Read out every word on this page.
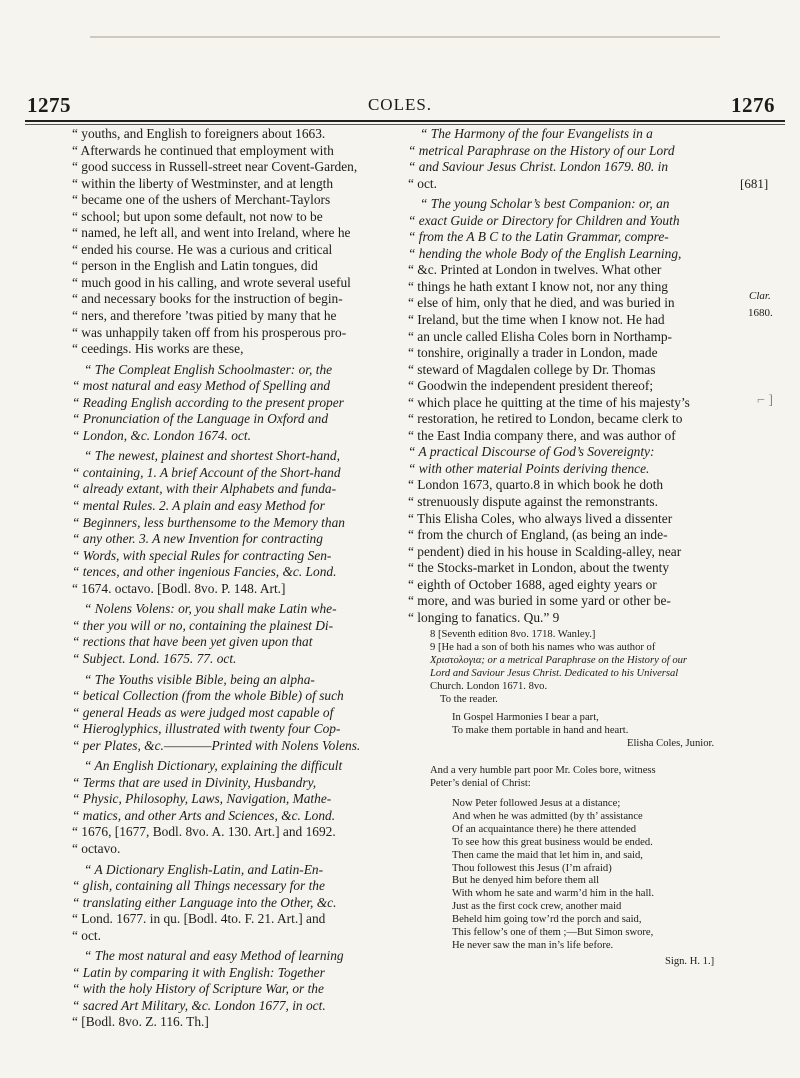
1275	COLES.	1276

“ youths, and English to foreigners about 1663.

“ Afterwards he continued that employment with

“ good success in Russell-street near Covent-Garden,

“ within the liberty of Westminster, and at length

“ became one of the ushers of Merchant-Taylors

“ school; but upon some default, not now to be

“ named, he left all, and went into Ireland, where he

“ ended his course. He was a curious and critical

“ person in the English and Latin tongues, did

“ much good in his calling, and wrote several useful

“ and necessary books for the instruction of begin-

“ ners, and therefore ’twas pitied by many that he

“ was unhappily taken off from his prosperous pro-

“ ceedings. His works are these,

“ The Compleat English Schoolmaster: or, the

“ most natural and easy Method of Spelling and

“ Reading English according to the present proper

“ Pronunciation of the Language in Oxford and

“ London, &c. London 1674. oct.

“ The newest, plainest and shortest Short-hand,

“ containing, 1. A brief Account of the Short-hand

“ already extant, with their Alphabets and funda-

“ mental Rules. 2. A plain and easy Method for

“ Beginners, less burthensome to the Memory than

“ any other. 3. A new Invention for contracting

“ Words, with special Rules for contracting Sen-

“ tences, and other ingenious Fancies, &c. Lond.

“ 1674. octavo. [Bodl. 8vo. P. 148. Art.]

“ Nolens Volens: or, you shall make Latin whe-

“ ther you will or no, containing the plainest Di-

“ rections that have been yet given upon that

“ Subject. Lond. 1675. 77. oct.

“ The Youths visible Bible, being an alpha-

“ betical Collection (from the whole Bible) of such

“ general Heads as were judged most capable of

“ Hieroglyphics, illustrated with twenty four Cop-

“ per Plates, &c.————Printed with Nolens Volens.

“ An English Dictionary, explaining the difficult

“ Terms that are used in Divinity, Husbandry,

“ Physic, Philosophy, Laws, Navigation, Mathe-

“ matics, and other Arts and Sciences, &c. Lond.

“ 1676, [1677, Bodl. 8vo. A. 130. Art.] and 1692.

“ octavo.

“ A Dictionary English-Latin, and Latin-En-

“ glish, containing all Things necessary for the

“ translating either Language into the Other, &c.

“ Lond. 1677. in qu. [Bodl. 4to. F. 21. Art.] and

“ oct.

“ The most natural and easy Method of learning

“ Latin by comparing it with English: Together

“ with the holy History of Scripture War, or the

“ sacred Art Military, &c. London 1677, in oct.

“ [Bodl. 8vo. Z. 116. Th.]

“ The Harmony of the four Evangelists in a

“ metrical Paraphrase on the History of our Lord

“ and Saviour Jesus Christ. London 1679. 80. in

“ oct.

“ The young Scholar’s best Companion: or, an

“ exact Guide or Directory for Children and Youth

“ from the A B C to the Latin Grammar, compre-

“ hending the whole Body of the English Learning,

“ &c. Printed at London in twelves. What other

“ things he hath extant I know not, nor any thing

“ else of him, only that he died, and was buried in

“ Ireland, but the time when I know not. He had

“ an uncle called Elisha Coles born in Northamp-

“ tonshire, originally a trader in London, made

“ steward of Magdalen college by Dr. Thomas

“ Goodwin the independent president thereof;

“ which place he quitting at the time of his majesty’s

“ restoration, he retired to London, became clerk to

“ the East India company there, and was author of

“ A practical Discourse of God’s Sovereignty:

“ with other material Points deriving thence.

“ London 1673, quarto.8 in which book he doth

“ strenuously dispute against the remonstrants.

“ This Elisha Coles, who always lived a dissenter

“ from the church of England, (as being an inde-

“ pendent) died in his house in Scalding-alley, near

“ the Stocks-market in London, about the twenty

“ eighth of October 1688, aged eighty years or

“ more, and was buried in some yard or other be-

“ longing to fanatics. Qu.” 9

[681]
Clar.
1680.
⌐ ]

8 [Seventh edition 8vo. 1718. Wanley.]

9 [He had a son of both his names who was author of

Χριστολογια; or a metrical Paraphrase on the History of our

Lord and Saviour Jesus Christ. Dedicated to his Universal

Church. London 1671. 8vo.

To the reader.

In Gospel Harmonies I bear a part,

To make them portable in hand and heart.

Elisha Coles, Junior.

And a very humble part poor Mr. Coles bore, witness

Peter’s denial of Christ:

Now Peter followed Jesus at a distance;

And when he was admitted (by th’ assistance

Of an acquaintance there) he there attended

To see how this great business would be ended.

Then came the maid that let him in, and said,

Thou followest this Jesus (I’m afraid)

But he denyed him before them all

With whom he sate and warm’d him in the hall.

Just as the first cock crew, another maid

Beheld him going tow’rd the porch and said,

This fellow’s one of them ;—But Simon swore,

He never saw the man in’s life before.

Sign. H. 1.]
